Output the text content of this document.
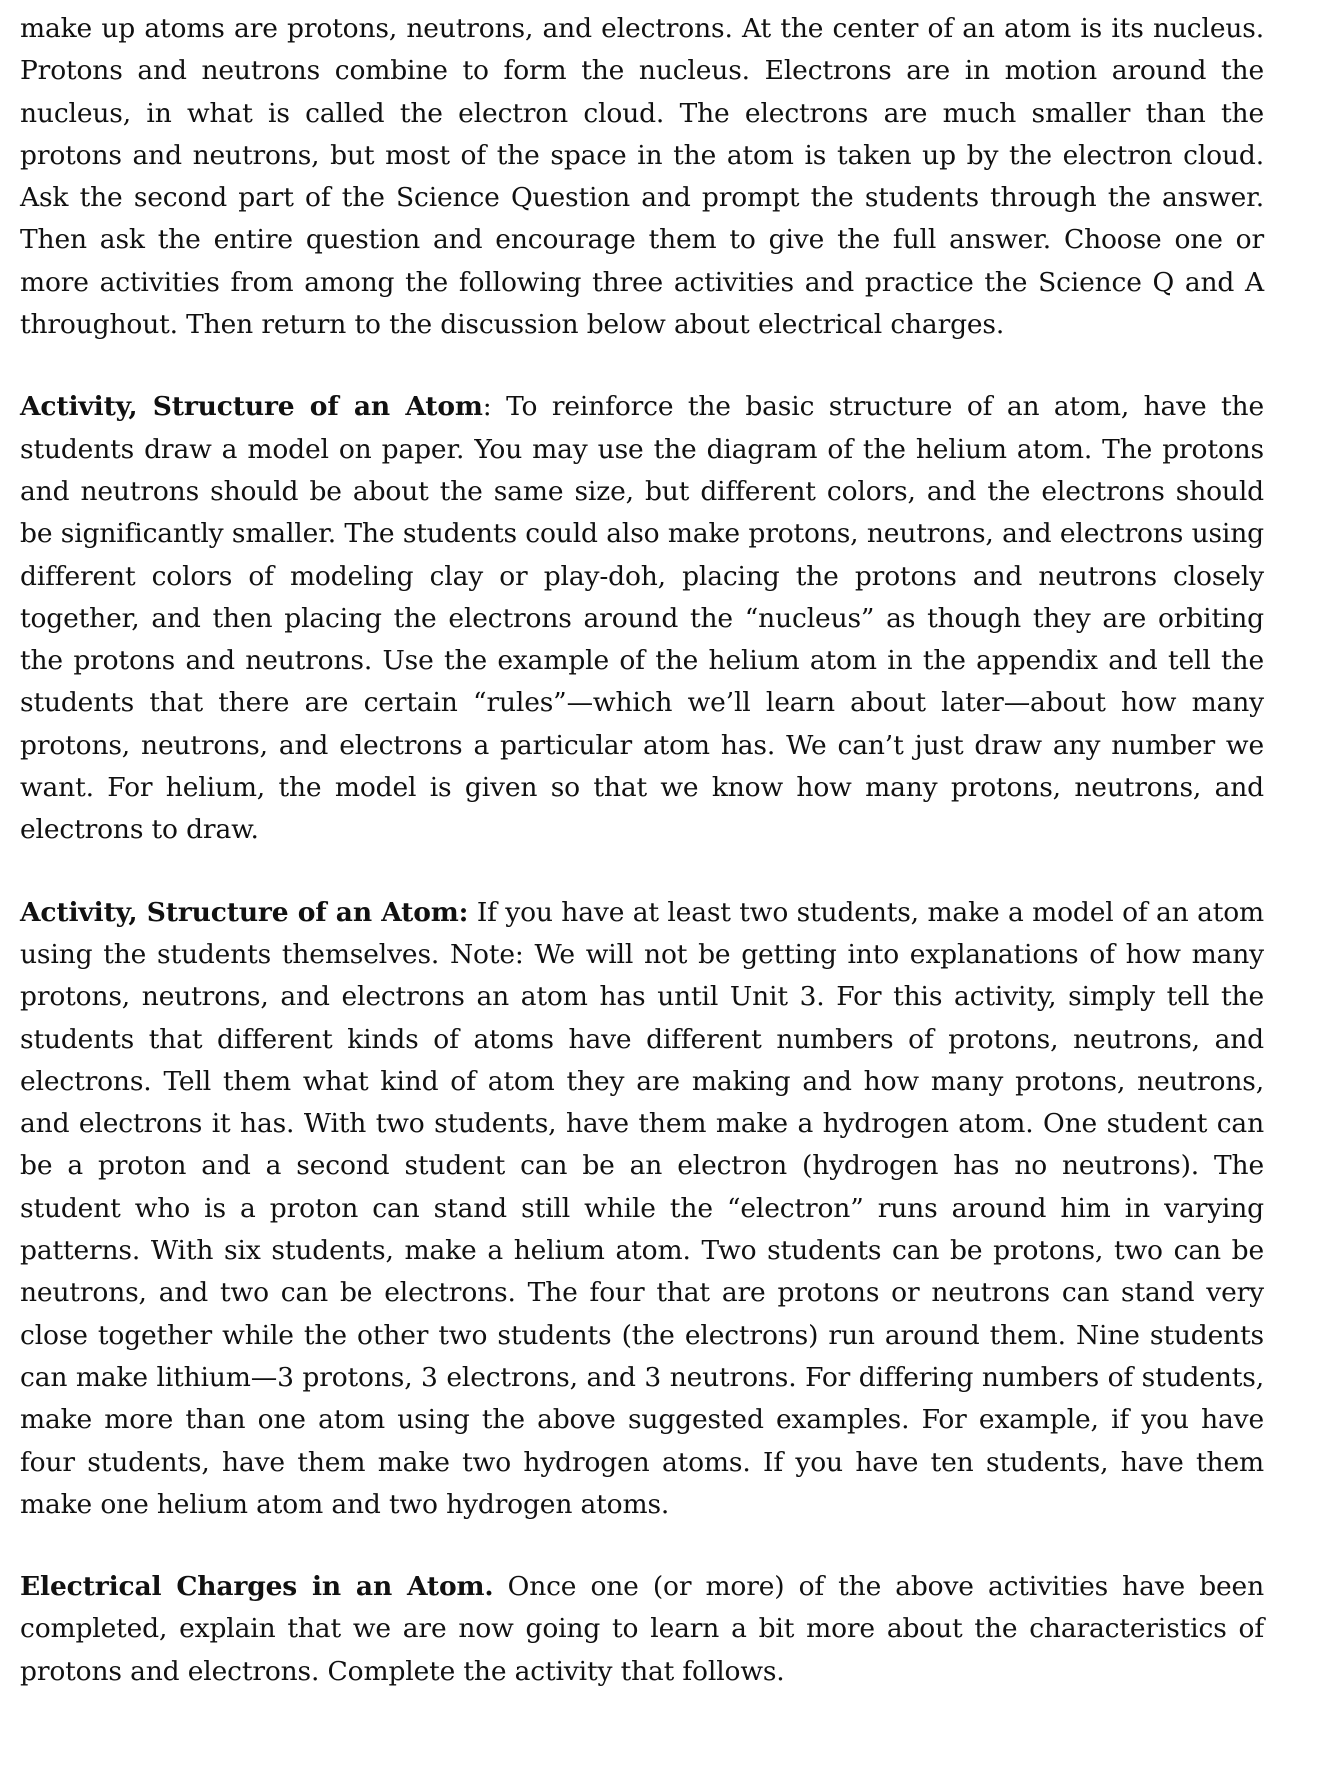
make up atoms are protons, neutrons, and electrons. At the center of an atom is its nucleus. Protons and neutrons combine to form the nucleus. Electrons are in motion around the nucleus, in what is called the electron cloud. The electrons are much smaller than the protons and neutrons, but most of the space in the atom is taken up by the electron cloud. Ask the second part of the Science Question and prompt the students through the answer. Then ask the entire question and encourage them to give the full answer. Choose one or more activities from among the following three activities and practice the Science Q and A throughout. Then return to the discussion below about electrical charges.

Activity, Structure of an Atom: To reinforce the basic structure of an atom, have the students draw a model on paper. You may use the diagram of the helium atom. The protons and neutrons should be about the same size, but different colors, and the electrons should be significantly smaller. The students could also make protons, neutrons, and electrons using different colors of modeling clay or play-doh, placing the protons and neutrons closely together, and then placing the electrons around the “nucleus” as though they are orbiting the protons and neutrons. Use the example of the helium atom in the appendix and tell the students that there are certain “rules”—which we’ll learn about later—about how many protons, neutrons, and electrons a particular atom has. We can’t just draw any number we want. For helium, the model is given so that we know how many protons, neutrons, and electrons to draw.

Activity, Structure of an Atom: If you have at least two students, make a model of an atom using the students themselves. Note: We will not be getting into explanations of how many protons, neutrons, and electrons an atom has until Unit 3. For this activity, simply tell the students that different kinds of atoms have different numbers of protons, neutrons, and electrons. Tell them what kind of atom they are making and how many protons, neutrons, and electrons it has. With two students, have them make a hydrogen atom. One student can be a proton and a second student can be an electron (hydrogen has no neutrons). The student who is a proton can stand still while the “electron” runs around him in varying patterns. With six students, make a helium atom. Two students can be protons, two can be neutrons, and two can be electrons. The four that are protons or neutrons can stand very close together while the other two students (the electrons) run around them. Nine students can make lithium—3 protons, 3 electrons, and 3 neutrons. For differing numbers of students, make more than one atom using the above suggested examples. For example, if you have four students, have them make two hydrogen atoms. If you have ten students, have them make one helium atom and two hydrogen atoms.

Electrical Charges in an Atom. Once one (or more) of the above activities have been completed, explain that we are now going to learn a bit more about the characteristics of protons and electrons. Complete the activity that follows.
